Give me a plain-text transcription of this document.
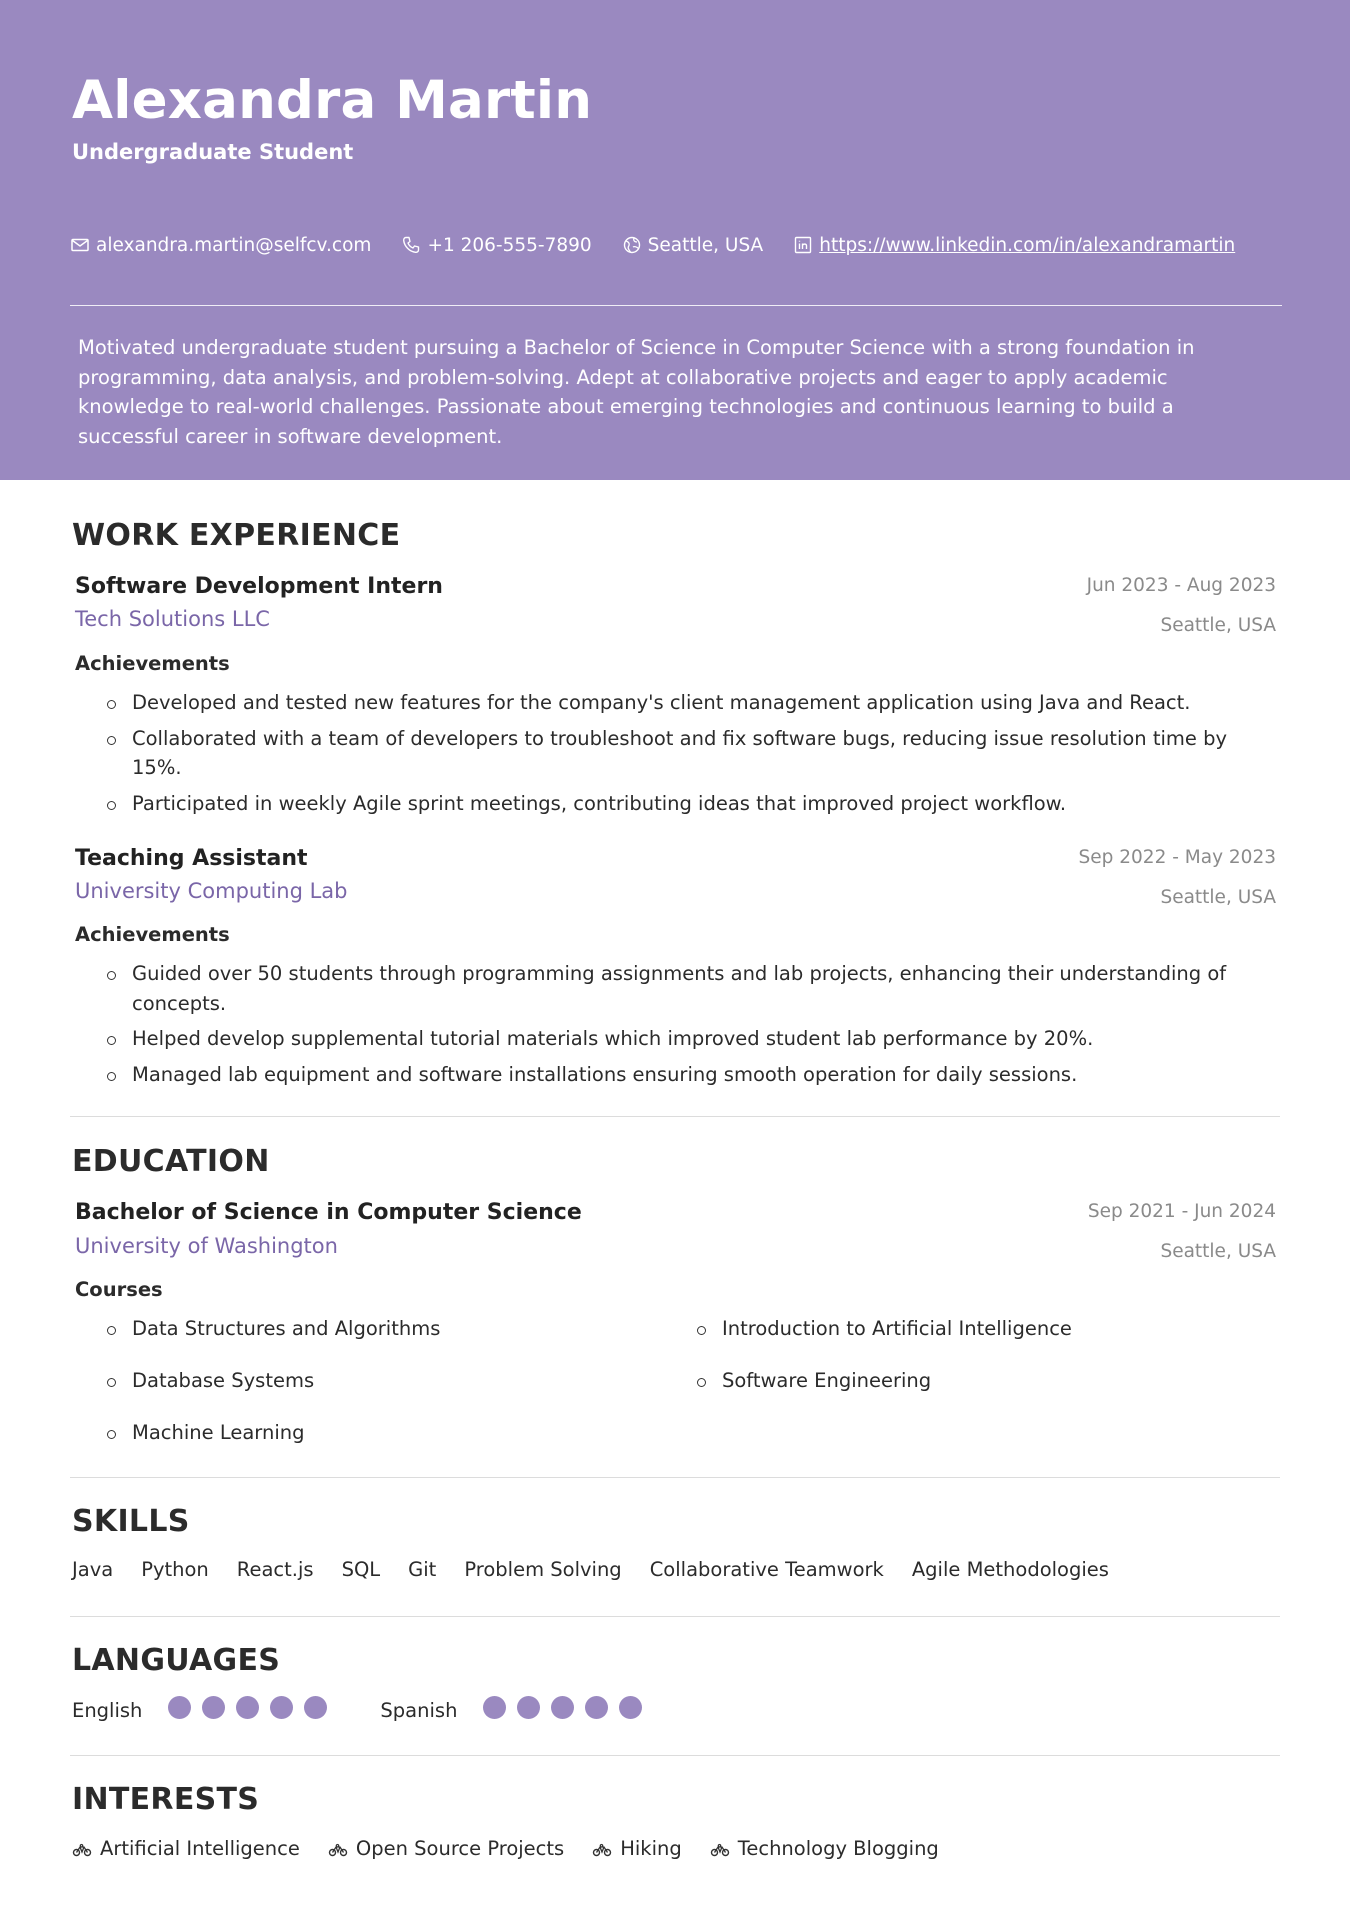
Alexandra Martin
Undergraduate Student
alexandra.martin@selfcv.com	+1 206-555-7890	Seattle, USA	https://www.linkedin.com/in/alexandramartin

Motivated undergraduate student pursuing a Bachelor of Science in Computer Science with a strong foundation in programming, data analysis, and problem-solving. Adept at collaborative projects and eager to apply academic knowledge to real-world challenges. Passionate about emerging technologies and continuous learning to build a successful career in software development.

WORK EXPERIENCE
Software Development Intern	Jun 2023 - Aug 2023
Tech Solutions LLC	Seattle, USA
Achievements
Developed and tested new features for the company's client management application using Java and React.
Collaborated with a team of developers to troubleshoot and fix software bugs, reducing issue resolution time by 15%.
Participated in weekly Agile sprint meetings, contributing ideas that improved project workflow.
Teaching Assistant	Sep 2022 - May 2023
University Computing Lab	Seattle, USA
Achievements
Guided over 50 students through programming assignments and lab projects, enhancing their understanding of concepts.
Helped develop supplemental tutorial materials which improved student lab performance by 20%.
Managed lab equipment and software installations ensuring smooth operation for daily sessions.
EDUCATION
Bachelor of Science in Computer Science	Sep 2021 - Jun 2024
University of Washington	Seattle, USA
Courses
Data Structures and Algorithms	Introduction to Artificial Intelligence
Database Systems	Software Engineering
Machine Learning
SKILLS
Java Python React.js SQL Git Problem Solving Collaborative Teamwork Agile Methodologies
LANGUAGES
English	Spanish
INTERESTS
Artificial Intelligence	Open Source Projects	Hiking	Technology Blogging
